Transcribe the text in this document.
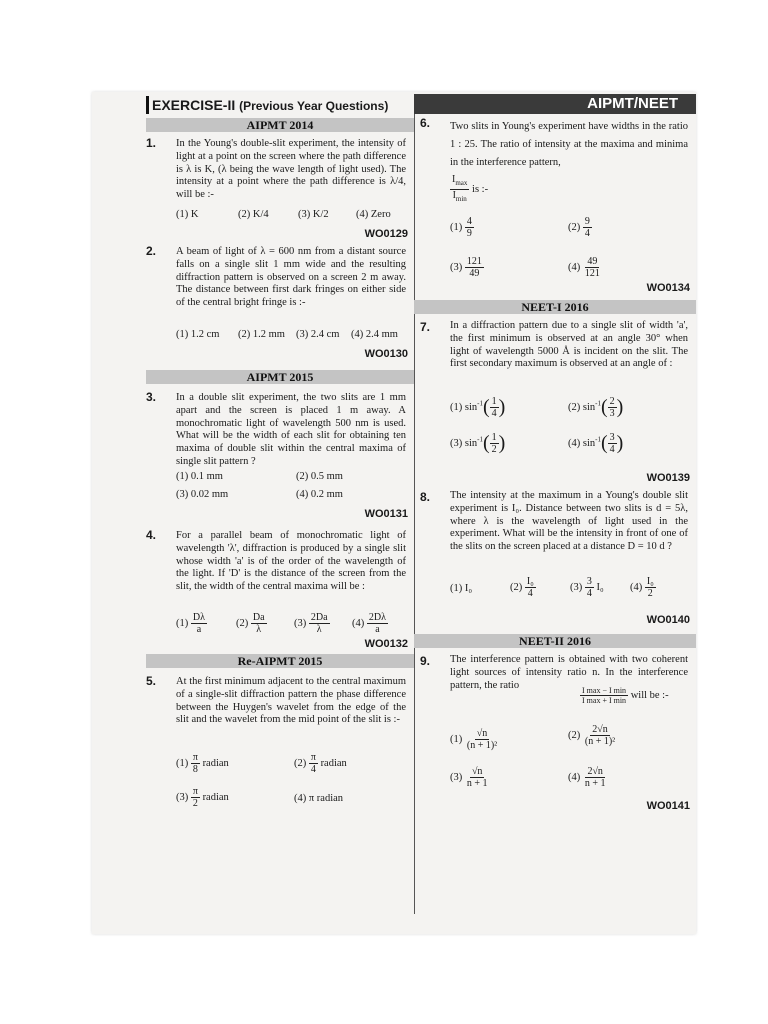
EXERCISE-II (Previous Year Questions)
AIPMT 2014
1. In the Young's double-slit experiment, the intensity of light at a point on the screen where the path difference is λ is K, (λ being the wave length of light used). The intensity at a point where the path difference is λ/4, will be :-
(1) K	(2) K/4	(3) K/2	(4) Zero
WO0129
2. A beam of light of λ = 600 nm from a distant source falls on a single slit 1 mm wide and the resulting diffraction pattern is observed on a screen 2 m away. The distance between first dark fringes on either side of the central bright fringe is :-
(1) 1.2 cm (2) 1.2 mm (3) 2.4 cm (4) 2.4 mm
WO0130
AIPMT 2015
3. In a double slit experiment, the two slits are 1 mm apart and the screen is placed 1 m away. A monochromatic light of wavelength 500 nm is used. What will be the width of each slit for obtaining ten maxima of double slit within the central maxima of single slit pattern ?
(1) 0.1 mm	(2) 0.5 mm
(3) 0.02 mm	(4) 0.2 mm
WO0131
4. For a parallel beam of monochromatic light of wavelength 'λ', diffraction is produced by a single slit whose width 'a' is of the order of the wavelength of the light. If 'D' is the distance of the screen from the slit, the width of the central maxima will be :
$(1) \frac{D\lambda}{a}$	$(2) \frac{Da}{\lambda}$	$(3) \frac{2Da}{\lambda} (4) \frac{2D\lambda}{a}$
WO0132
Re-AIPMT 2015
5. At the first minimum adjacent to the central maximum of a single-slit diffraction pattern the phase difference between the Huygen's wavelet from the edge of the slit and the wavelet from the mid point of the slit is :-
$(1) \frac{\pi}{8}$ radian	$(2) \frac{\pi}{4}$ radian
$(3) \frac{\pi}{2}$ radian	(4) π radian
AIPMT/NEET
6. Two slits in Young's experiment have widths in the ratio 1 : 25. The ratio of intensity at the maxima and minima in the interference pattern,
$\frac{I_{max}}{I_{min}}$ is :-
$(1) \frac{4}{9}$	$(2) \frac{9}{4}$
$(3) \frac{121}{49}$	$(4) \frac{49}{121}$
WO0134
NEET-I 2016
7. In a diffraction pattern due to a single slit of width 'a', the first minimum is observed at an angle 30° when light of wavelength 5000 Å is incident on the slit. The first secondary maximum is observed at an angle of :
(1) $\sin^{-1}( \frac{1}{4}$ )	(2) $\sin^{-1}( \frac{2}{3}$ )
(3) $\sin^{-1}( \frac{1}{2}$ )	(4) $\sin^{-1}( \frac{3}{4}$ )
WO0139
8. The intensity at the maximum in a Young's double slit experiment is I₀. Distance between two slits is d = 5λ, where λ is the wavelength of light used in the experiment. What will be the intensity in front of one of the slits on the screen placed at a distance D = 10 d ?
(1) I₀	$(2) \frac{\text{I₀}}{4}$	$(3) \frac{3}{4} I_0$	$(4) \frac{\text{I₀}}{2}$
WO0140
NEET-II 2016
9. The interference pattern is obtained with two coherent light sources of intensity ratio n. In the interference pattern, the ratio
$\frac{\text{I max − I min}}{\text{I max + I min}}$ will be :-
$(1) \frac{√n}{\text{(n + 1)²}}$	$(2) \frac{2√n}{\text{(n + 1)²}}$
$(3) \frac{√n}{n + 1}$	$(4) \frac{2√n}{n + 1}$
WO0141
